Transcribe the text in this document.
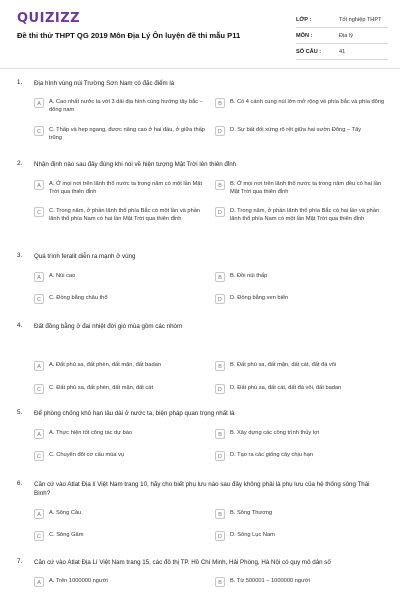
QUIZIZZ
Đề thi thử THPT QG 2019 Môn Địa Lý Ôn luyện đề thi mẫu P11
LỚP :	Tốt nghiệp THPT
MÔN :	Địa lý
SỐ CÂU :	41
1. Địa hình vùng núi Trường Sơn Nam có đặc điểm là
A	A. Cao nhất nước ta với 3 dải địa hình cùng hướng tây bắc – đông nam
B	B. Có 4 cánh cung núi lớn mở rộng về phía bắc và phía đông
C	C. Thấp và hẹp ngang, được nâng cao ở hai đầu, ở giữa thấp trũng
D	D. Sự bất đối xứng rõ rệt giữa hai sườn Đông – Tây
2. Nhận định nào sau đây đúng khi nói về hiện tượng Mặt Trời lên thiên đỉnh
A	A. Ở mọi nơi trên lãnh thổ nước ta trong năm có một lần Mặt Trời qua thiên đỉnh
B	B. Ở mọi nơi trên lãnh thổ nước ta trong năm đều có hai lần Mặt Trời qua thiên đỉnh
C	C. Trong năm, ở phần lãnh thổ phía Bắc có một lần và phần lãnh thổ phía Nam có hai lần Mặt Trời qua thiên đỉnh
D	D. Trong năm, ở phần lãnh thổ phía Bắc có hai lần và phần lãnh thổ phía Nam có một lần Mặt Trời qua thiên đỉnh
3. Quá trình feralit diễn ra mạnh ở vùng
A	A. Núi cao	B	B. Đồi núi thấp
C	C. Đồng bằng châu thổ	D	D. Đồng bằng ven biển
4. Đất đồng bằng ở đai nhiệt đới gió mùa gồm các nhóm
A	A. Đất phù sa, đất phèn, đất mặn, đất badan	B	B. Đất phù sa, đất mặn, đất cát, đất đá vôi
C	C. Đất phù sa, đất phèn, đất mặn, đất cát	D	D. Đất phù sa, đất cát, đất đá vôi, đất badan
5. Để phòng chống khô hạn lâu dài ở nước ta, biện pháp quan trọng nhất là
A	A. Thực hiện tốt công tác dự báo	B	B. Xây dựng các công trình thủy lợi
C	C. Chuyển đổi cơ cấu mùa vụ	D	D. Tạo ra các giống cây chịu hạn
6. Căn cứ vào Atlat Địa lí Việt Nam trang 10, hãy cho biết phụ lưu nào sau đây không phải là phụ lưu của hệ thống sông Thái Bình?
A	A. Sông Cầu	B	B. Sông Thương
C	C. Sông Gâm	D	D. Sông Lục Nam
7. Căn cứ vào Atlat Địa Lí Việt Nam trang 15, các đô thị TP. Hồ Chí Minh, Hải Phòng, Hà Nội có quy mô dân số
A	A. Trên 1000000 người	B	B. Từ 500001 – 1000000 người
